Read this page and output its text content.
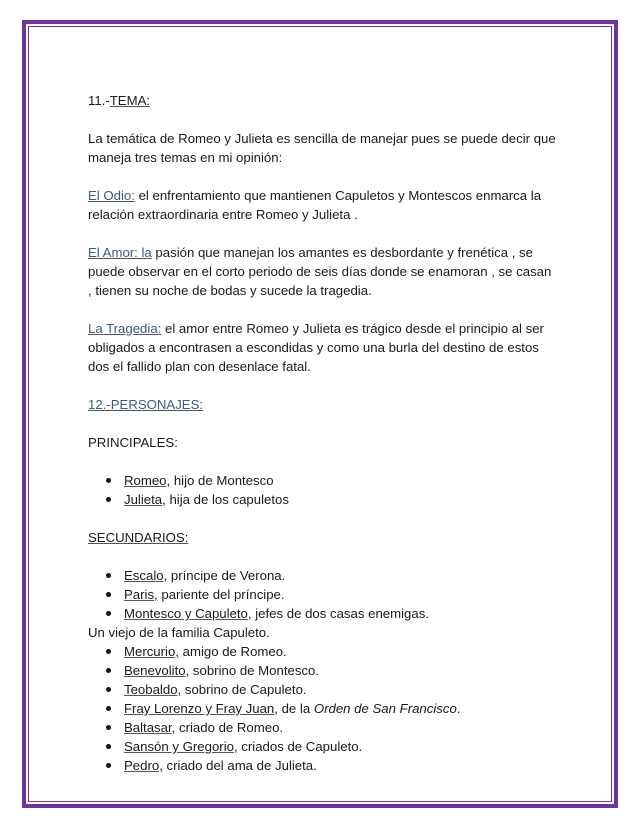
11.-TEMA:

La temática de Romeo y Julieta es sencilla de manejar pues se puede decir que maneja tres temas en mi opinión:

El Odio: el enfrentamiento que mantienen Capuletos y Montescos enmarca la relación extraordinaria entre Romeo y Julieta .

El Amor: la pasión que manejan los amantes es desbordante y frenética , se puede observar en el corto periodo de seis días donde se enamoran , se casan , tienen su noche de bodas y sucede la tragedia.

La Tragedia: el amor entre Romeo y Julieta es trágico desde el principio al ser obligados a encontrasen a escondidas y como una burla del destino de estos dos el fallido plan con desenlace fatal.

12.-PERSONAJES:

PRINCIPALES:

Romeo, hijo de Montesco
Julieta, hija de los capuletos

SECUNDARIOS:

Escalo, príncipe de Verona.
Paris, pariente del príncipe.
Montesco y Capuleto, jefes de dos casas enemigas.

Un viejo de la familia Capuleto.

Mercurio, amigo de Romeo.
Benevolito, sobrino de Montesco.
Teobaldo, sobrino de Capuleto.
Fray Lorenzo y Fray Juan, de la Orden de San Francisco.
Baltasar, criado de Romeo.
Sansón y Gregorio, criados de Capuleto.
Pedro, criado del ama de Julieta.
